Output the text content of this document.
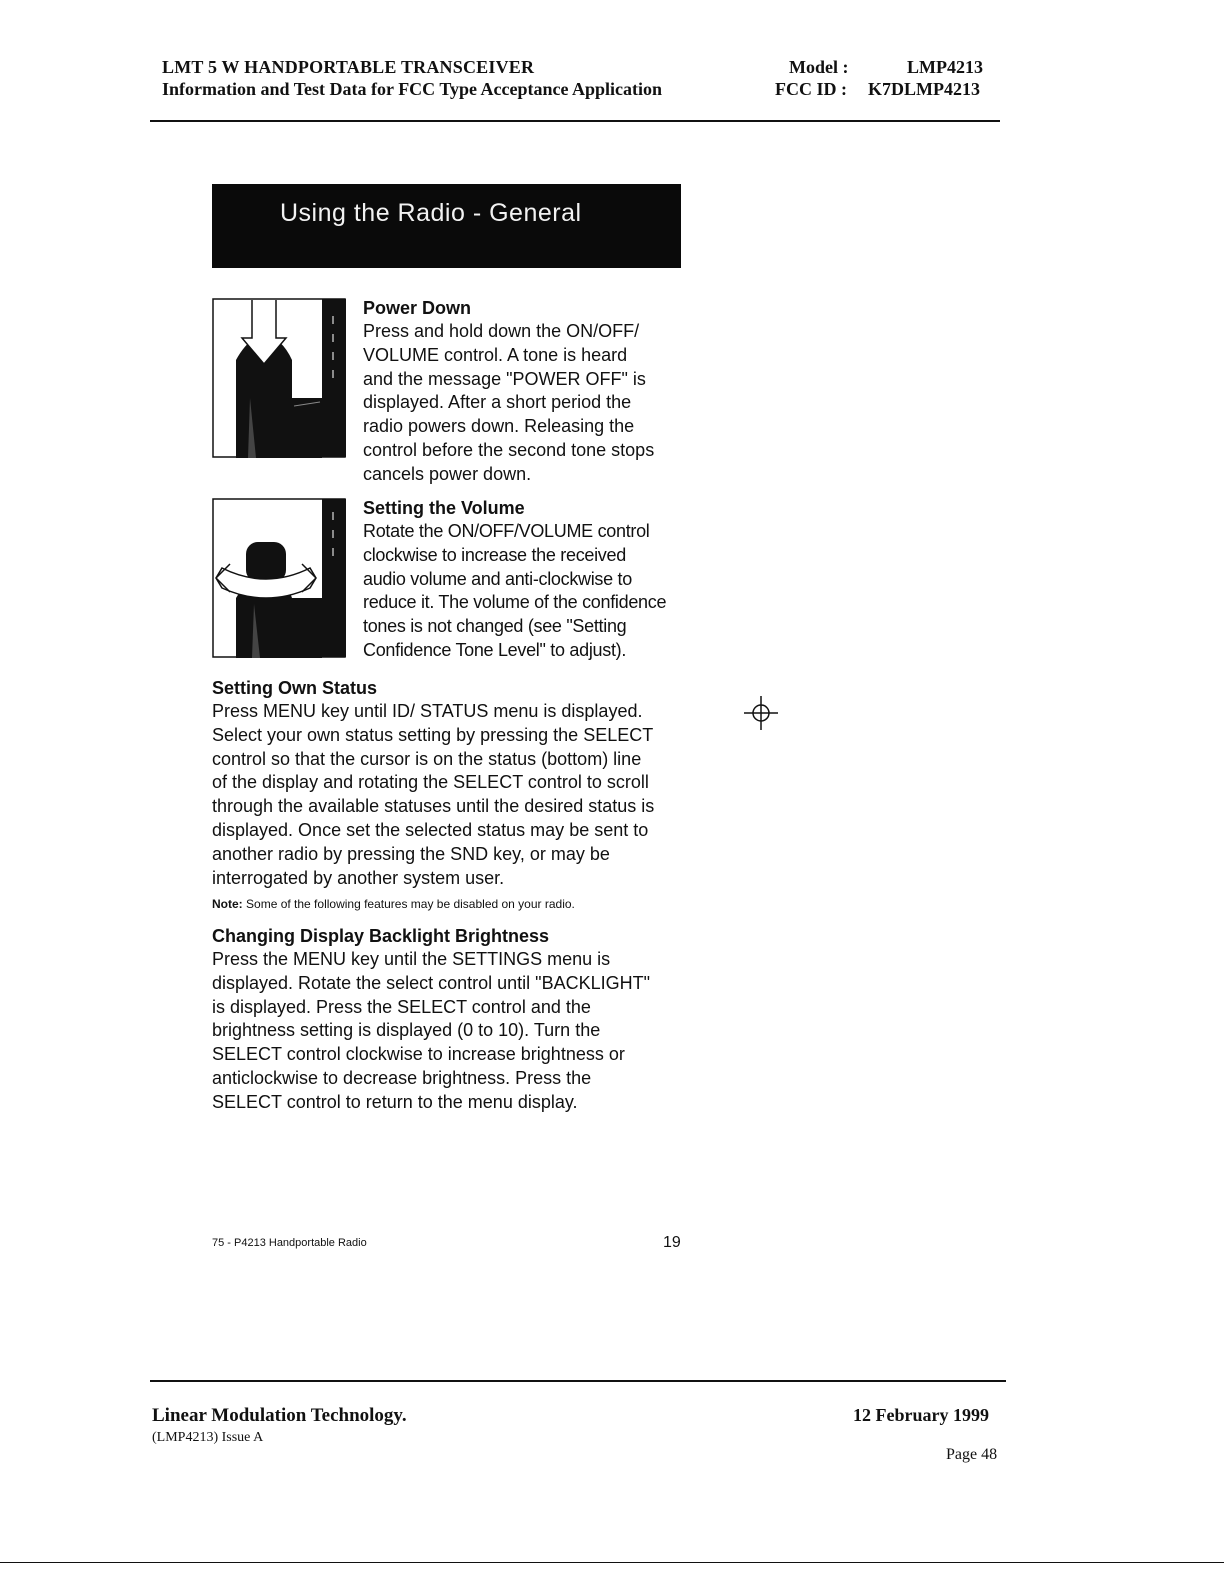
LMT 5 W HANDPORTABLE TRANSCEIVER
Information and Test Data for FCC Type Acceptance Application
Model :	LMP4213
FCC ID : K7DLMP4213
Using the Radio - General
Power Down
Press and hold down the ON/OFF/
VOLUME control. A tone is heard
and the message "POWER OFF" is
displayed. After a short period the
radio powers down. Releasing the
control before the second tone stops
cancels power down.
Setting the Volume
Rotate the ON/OFF/VOLUME control
clockwise to increase the received
audio volume and anti-clockwise to
reduce it. The volume of the confidence
tones is not changed (see "Setting
Confidence Tone Level" to adjust).
Setting Own Status
Press MENU key until ID/ STATUS menu is displayed.
Select your own status setting by pressing the SELECT
control so that the cursor is on the status (bottom) line
of the display and rotating the SELECT control to scroll
through the available statuses until the desired status is
displayed. Once set the selected status may be sent to
another radio by pressing the SND key, or may be
interrogated by another system user.
Note: Some of the following features may be disabled on your radio.
Changing Display Backlight Brightness
Press the MENU key until the SETTINGS menu is
displayed. Rotate the select control until "BACKLIGHT"
is displayed. Press the SELECT control and the
brightness setting is displayed (0 to 10). Turn the
SELECT control clockwise to increase brightness or
anticlockwise to decrease brightness. Press the
SELECT control to return to the menu display.
75 - P4213 Handportable Radio	19
Linear Modulation Technology.
(LMP4213) Issue A
12 February 1999
Page 48
